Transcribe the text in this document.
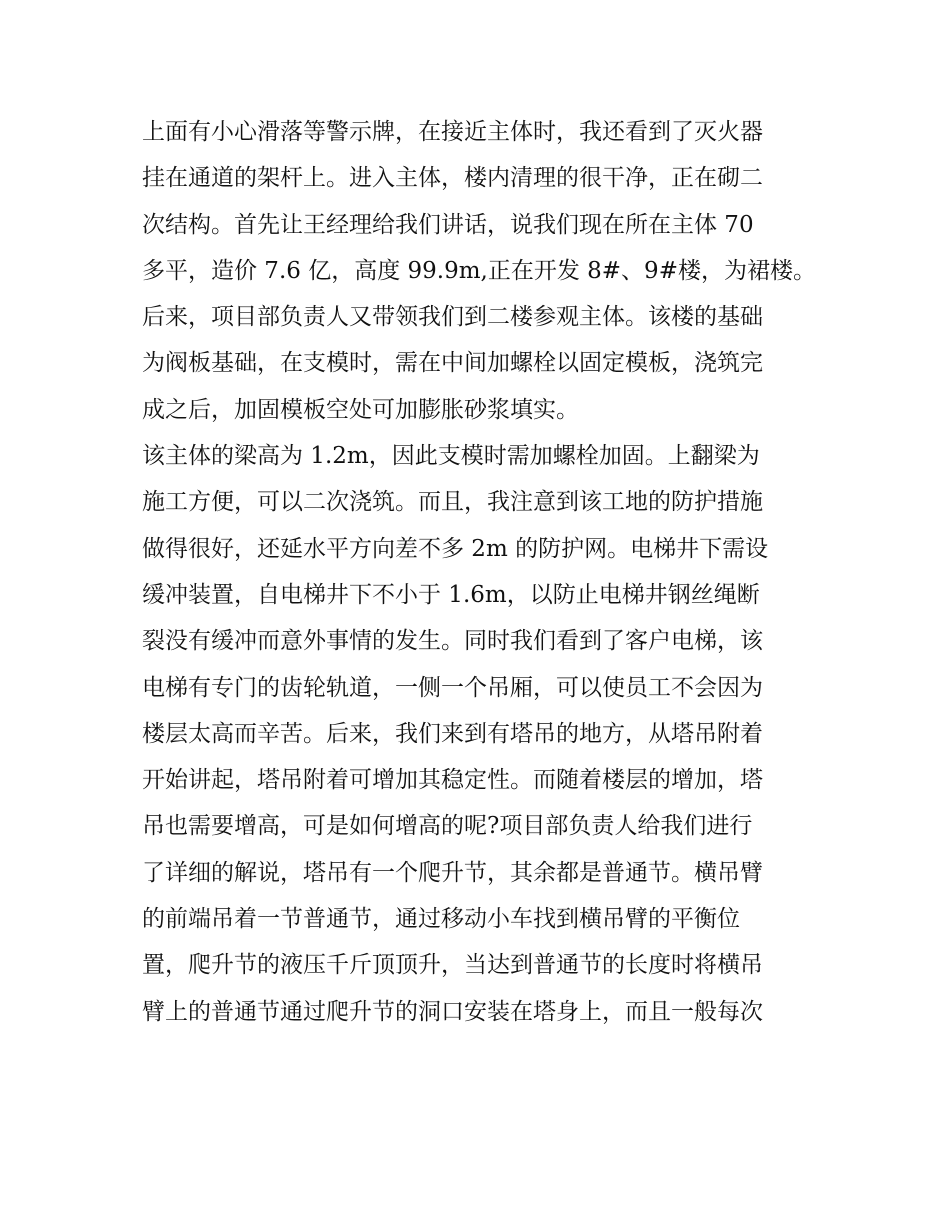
上面有小心滑落等警示牌，在接近主体时，我还看到了灭火器
挂在通道的架杆上。进入主体，楼内清理的很干净，正在砌二
次结构。首先让王经理给我们讲话，说我们现在所在主体 70
多平，造价 7.6 亿，高度 99.9m,正在开发 8#、9#楼，为裙楼。
后来，项目部负责人又带领我们到二楼参观主体。该楼的基础
为阀板基础，在支模时，需在中间加螺栓以固定模板，浇筑完
成之后，加固模板空处可加膨胀砂浆填实。
该主体的梁高为 1.2m，因此支模时需加螺栓加固。上翻梁为
施工方便，可以二次浇筑。而且，我注意到该工地的防护措施
做得很好，还延水平方向差不多 2m 的防护网。电梯井下需设
缓冲装置，自电梯井下不小于 1.6m，以防止电梯井钢丝绳断
裂没有缓冲而意外事情的发生。同时我们看到了客户电梯，该
电梯有专门的齿轮轨道，一侧一个吊厢，可以使员工不会因为
楼层太高而辛苦。后来，我们来到有塔吊的地方，从塔吊附着
开始讲起，塔吊附着可增加其稳定性。而随着楼层的增加，塔
吊也需要增高，可是如何增高的呢?项目部负责人给我们进行
了详细的解说，塔吊有一个爬升节，其余都是普通节。横吊臂
的前端吊着一节普通节，通过移动小车找到横吊臂的平衡位
置，爬升节的液压千斤顶顶升，当达到普通节的长度时将横吊
臂上的普通节通过爬升节的洞口安装在塔身上，而且一般每次
